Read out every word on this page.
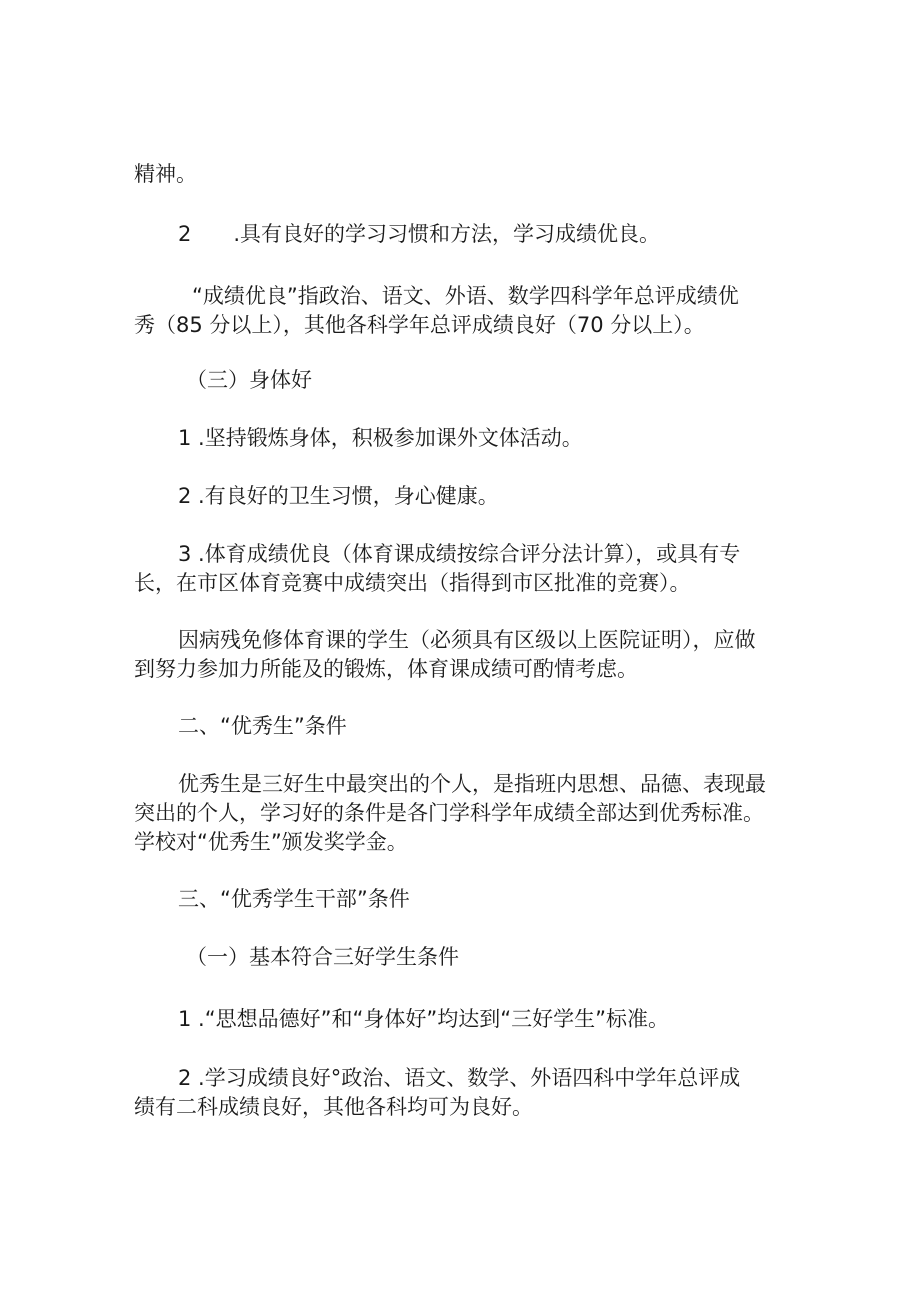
精神。

2　　.具有良好的学习习惯和方法，学习成绩优良。

“成绩优良”指政治、语文、外语、数学四科学年总评成绩优
秀（85 分以上），其他各科学年总评成绩良好（70 分以上）。

（三）身体好

1 .坚持锻炼身体，积极参加课外文体活动。

2 .有良好的卫生习惯，身心健康。

3 .体育成绩优良（体育课成绩按综合评分法计算），或具有专
长，在市区体育竞赛中成绩突出（指得到市区批准的竞赛）。

因病残免修体育课的学生（必须具有区级以上医院证明），应做
到努力参加力所能及的锻炼，体育课成绩可酌情考虑。

二、“优秀生”条件

优秀生是三好生中最突出的个人，是指班内思想、品德、表现最
突出的个人，学习好的条件是各门学科学年成绩全部达到优秀标准。
学校对“优秀生”颁发奖学金。

三、“优秀学生干部”条件

（一）基本符合三好学生条件

1 .“思想品德好”和“身体好”均达到“三好学生”标准。

2 .学习成绩良好°政治、语文、数学、外语四科中学年总评成
绩有二科成绩良好，其他各科均可为良好。
